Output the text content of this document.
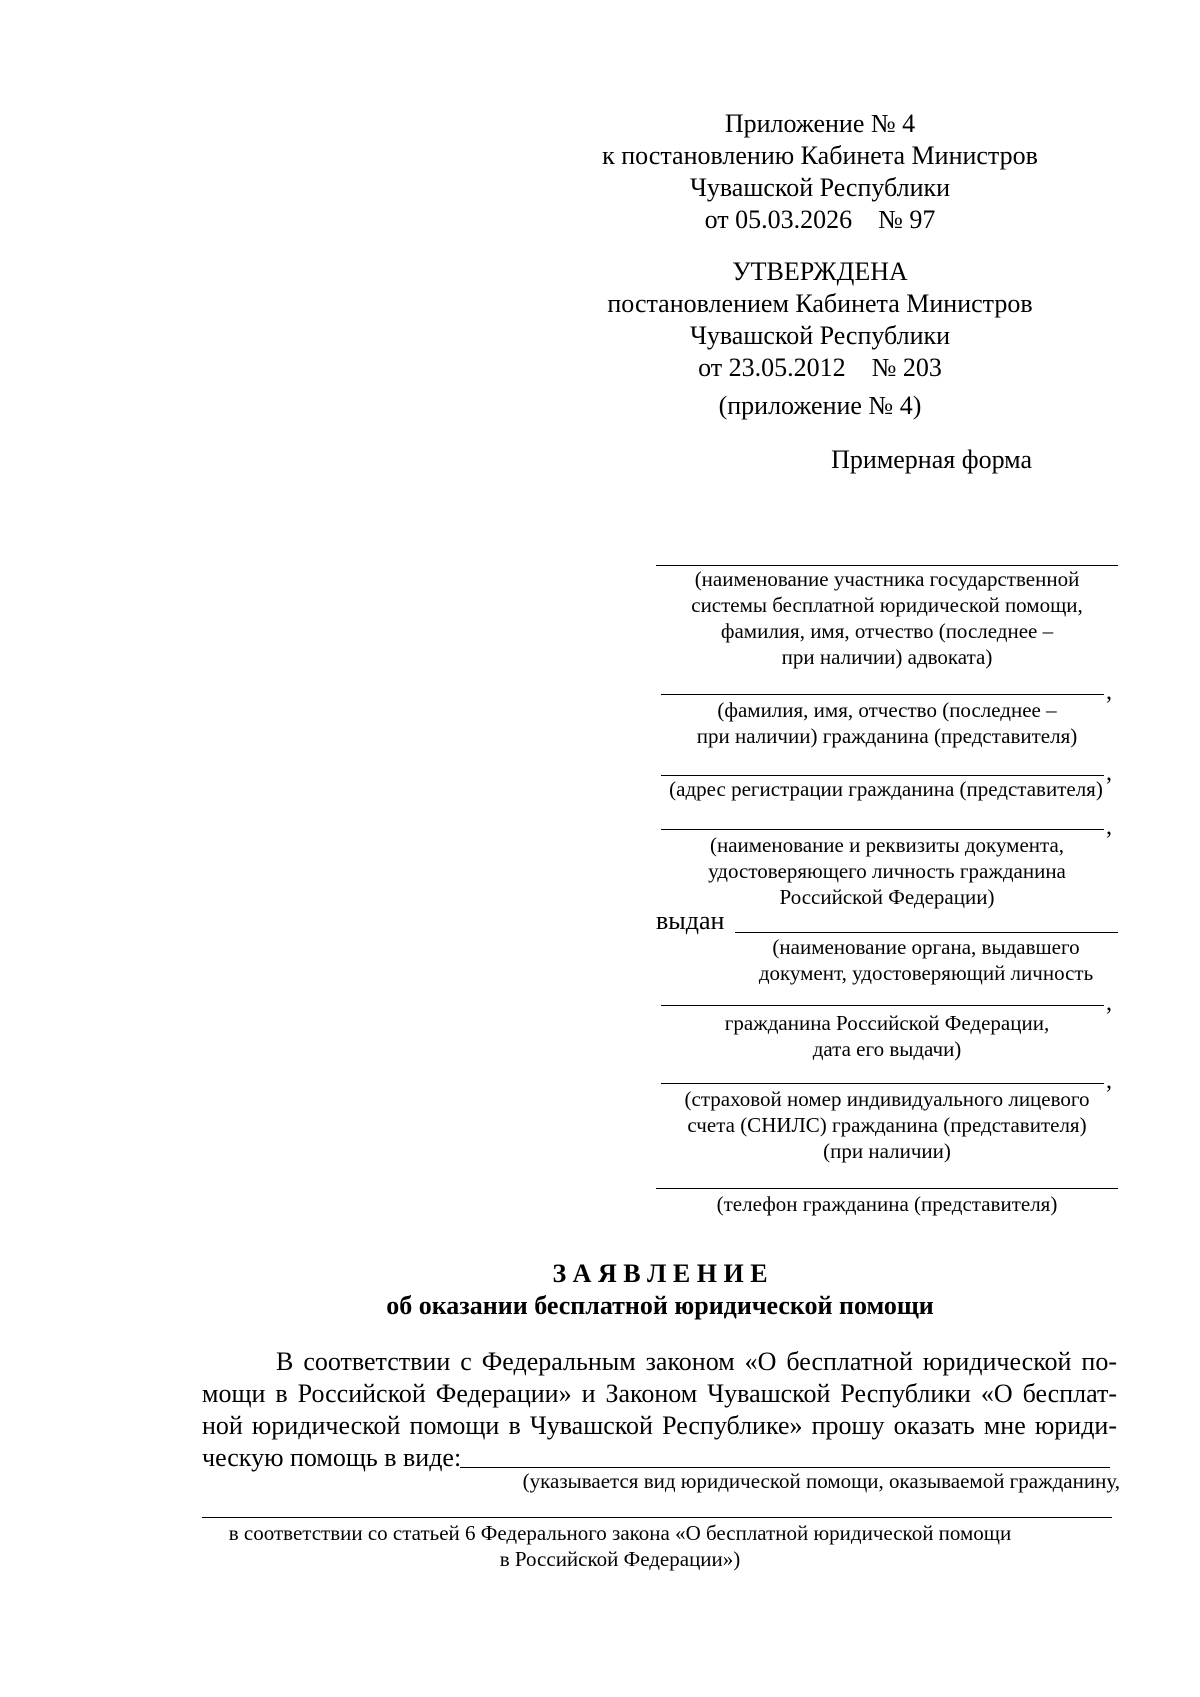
Приложение № 4
к постановлению Кабинета Министров
Чувашской Республики
от 05.03.2026    № 97
УТВЕРЖДЕНА
постановлением Кабинета Министров
Чувашской Республики
от 23.05.2012    № 203
(приложение № 4)
Примерная форма
(наименование участника государственной
системы бесплатной юридической помощи,
фамилия, имя, отчество (последнее –
при наличии) адвоката)
,
(фамилия, имя, отчество (последнее –
при наличии) гражданина (представителя)
,
(адрес регистрации гражданина (представителя)
,
(наименование и реквизиты документа,
удостоверяющего личность гражданина
Российской Федерации)
выдан
(наименование органа, выдавшего
документ, удостоверяющий личность
,
гражданина Российской Федерации,
дата его выдачи)
,
(страховой номер индивидуального лицевого
счета (СНИЛС) гражданина (представителя)
(при наличии)
(телефон гражданина (представителя)
З А Я В Л Е Н И Е
об оказании бесплатной юридической помощи
В соответствии с Федеральным законом «О бесплатной юридической по-
мощи в Российской Федерации» и Законом Чувашской Республики «О бесплат-
ной юридической помощи в Чувашской Республике» прошу оказать мне юриди-
ческую помощь в виде:
(указывается вид юридической помощи, оказываемой гражданину,
в соответствии со статьей 6 Федерального закона «О бесплатной юридической помощи
в Российской Федерации»)
